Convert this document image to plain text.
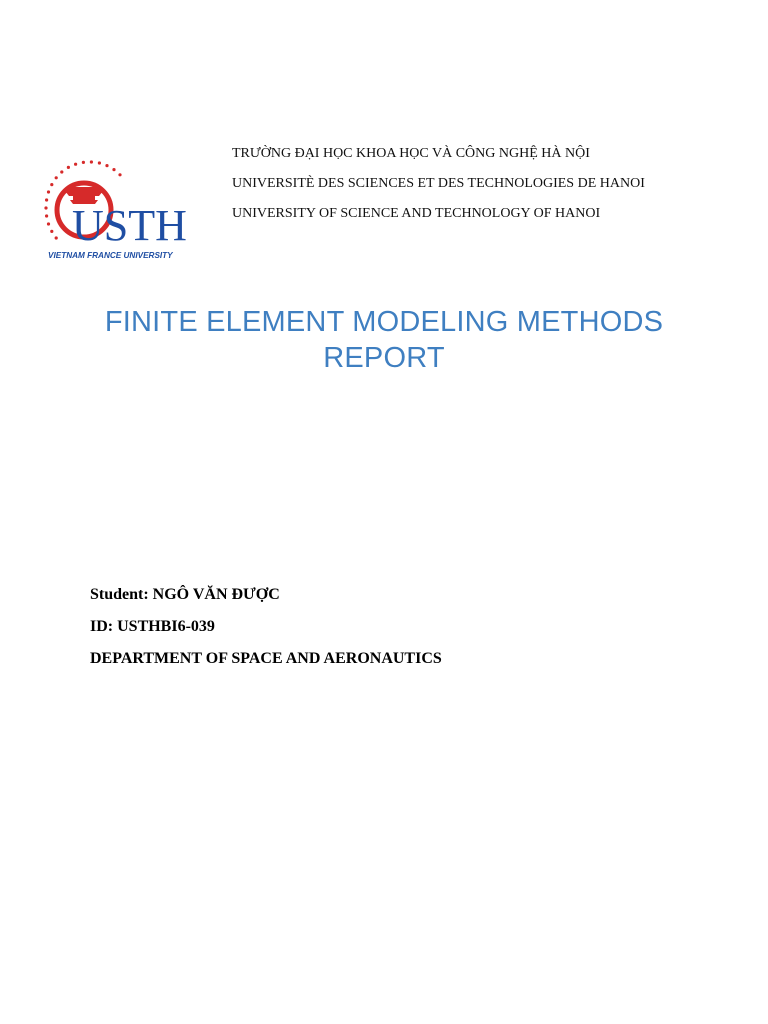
USTH
VIETNAM FRANCE UNIVERSITY
TRƯỜNG ĐẠI HỌC KHOA HỌC VÀ CÔNG NGHỆ HÀ NỘI
UNIVERSITÈ DES SCIENCES ET DES TECHNOLOGIES DE HANOI
UNIVERSITY OF SCIENCE AND TECHNOLOGY OF HANOI
FINITE ELEMENT MODELING METHODS
REPORT
Student: NGÔ VĂN ĐƯỢC
ID: USTHBI6-039
DEPARTMENT OF SPACE AND AERONAUTICS
